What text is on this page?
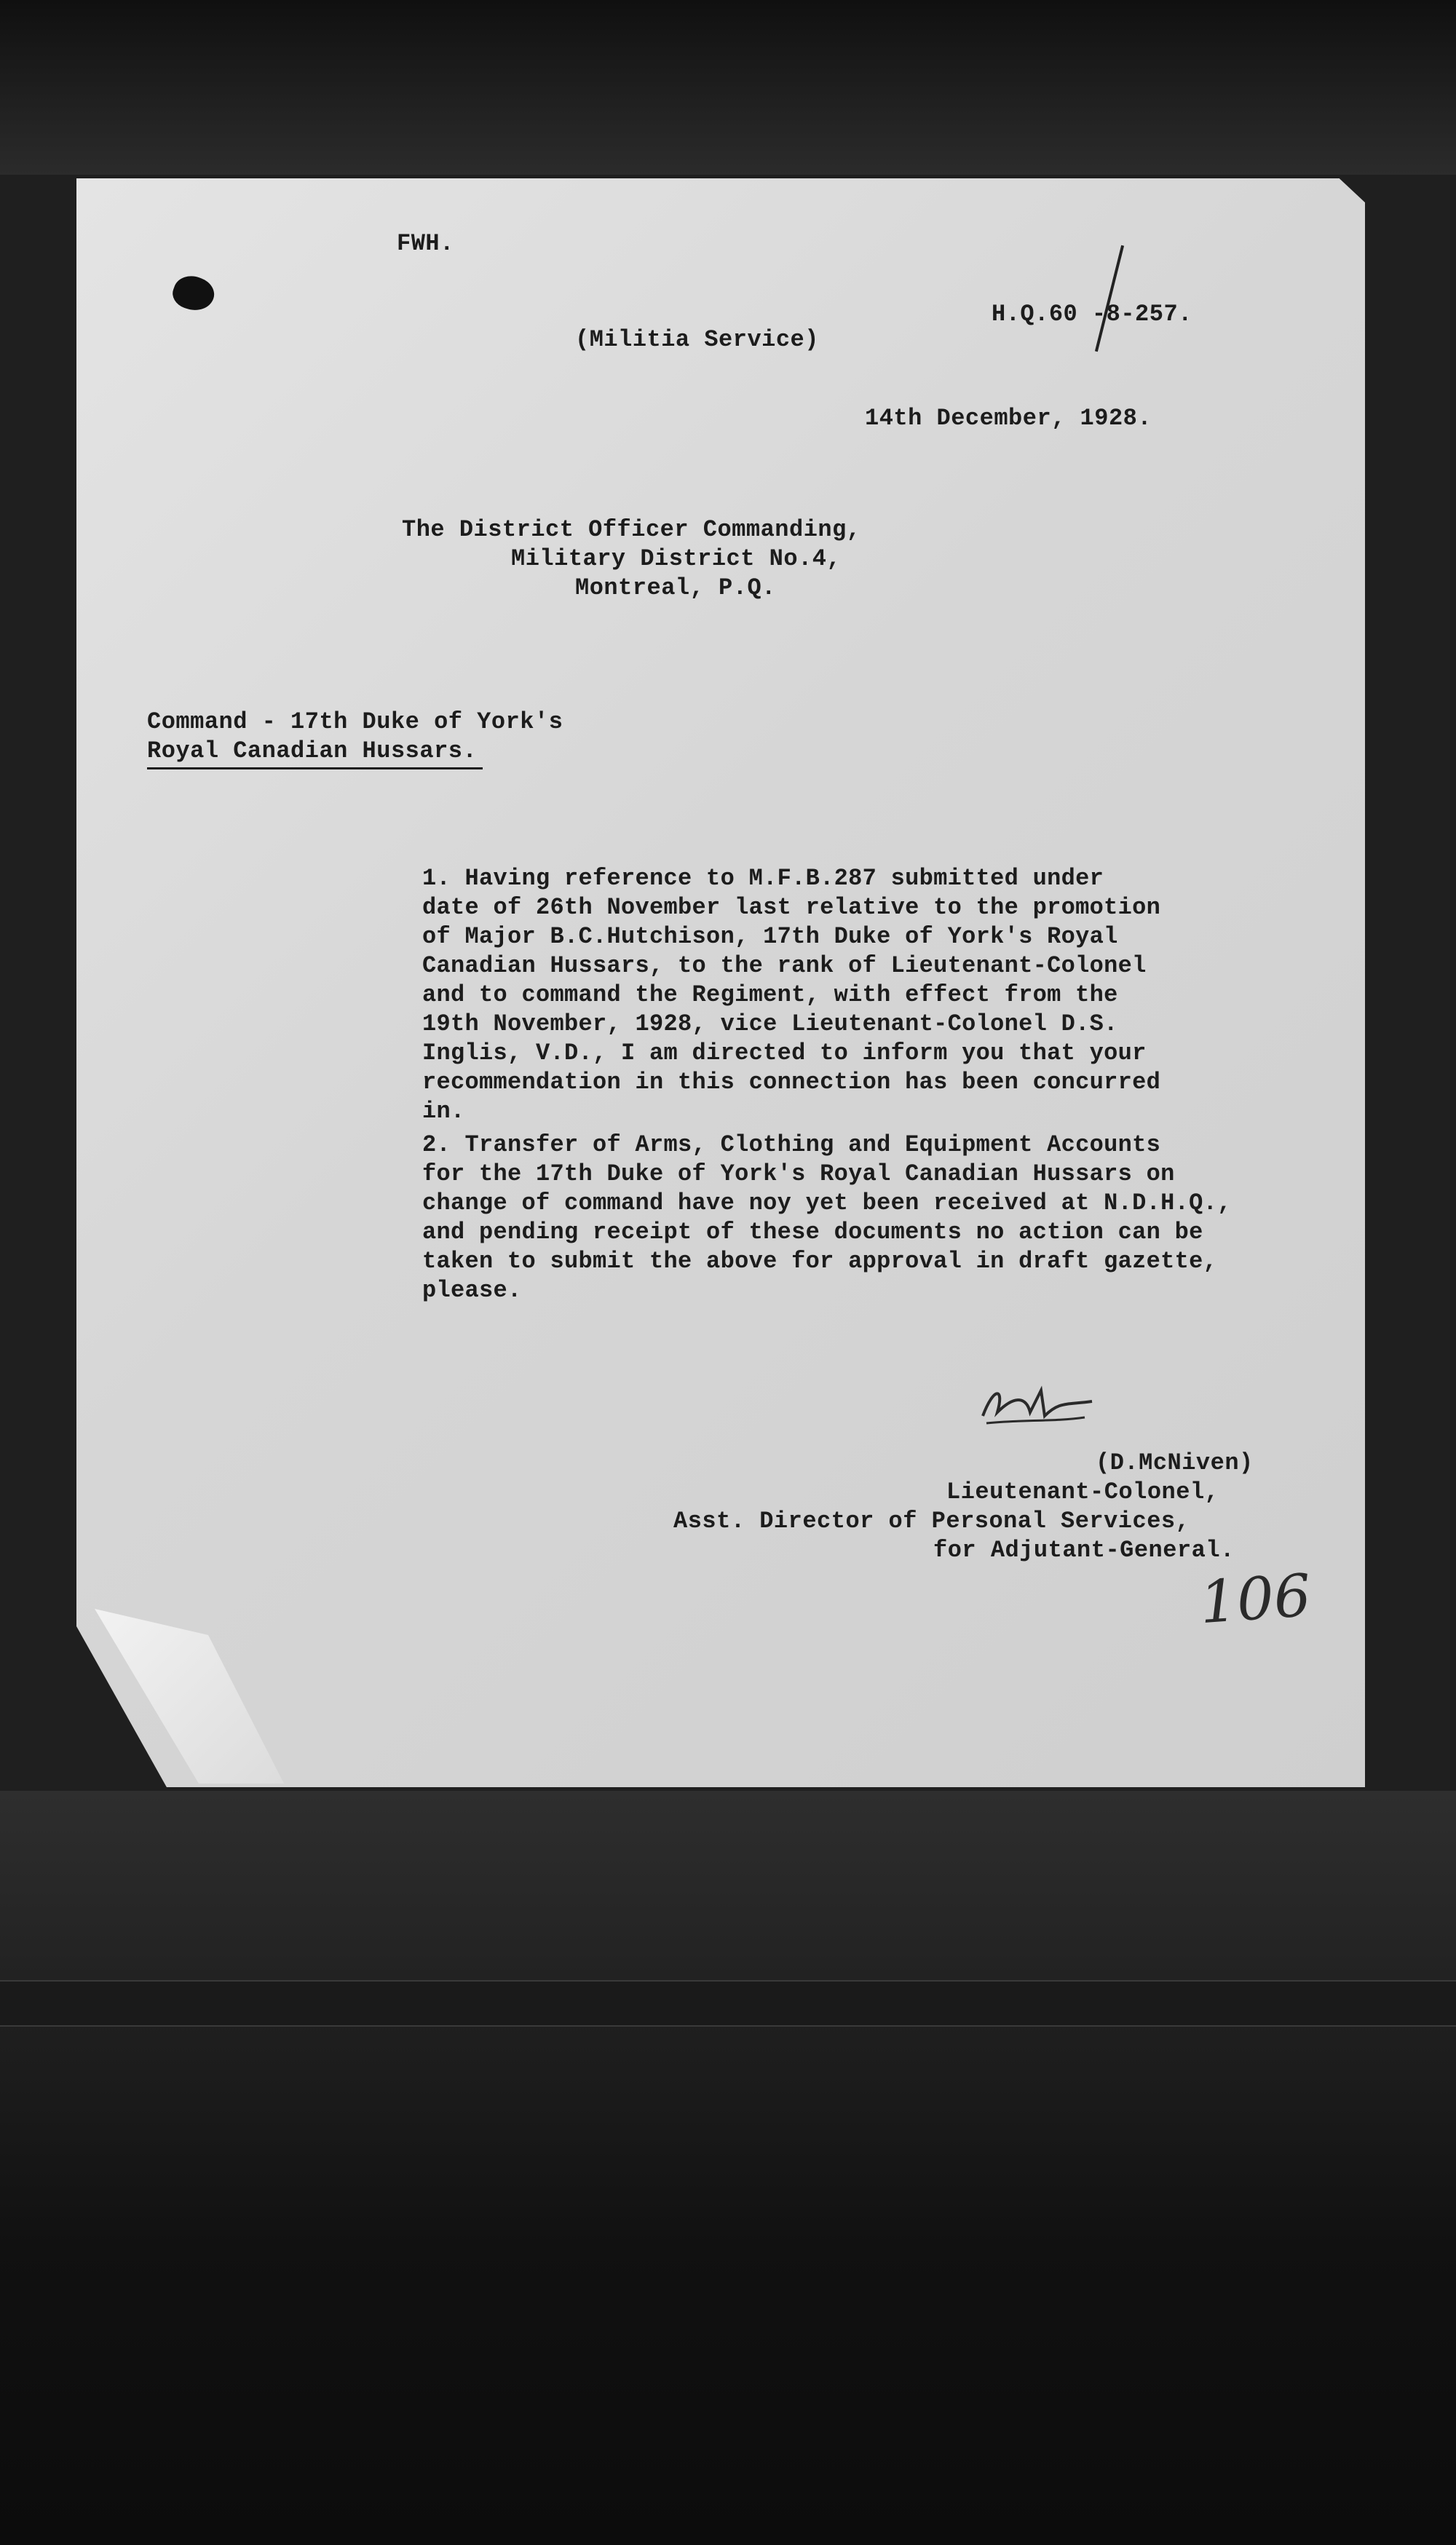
FWH.

(Militia Service)

H.Q.60 -8-257.

14th December, 1928.

The District Officer Commanding,

Military District No.4,

Montreal, P.Q.

Command - 17th Duke of York's

Royal Canadian Hussars.

1. Having reference to M.F.B.287 submitted under
date of 26th November last relative to the promotion
of Major B.C.Hutchison, 17th Duke of York's Royal
Canadian Hussars, to the rank of Lieutenant-Colonel
and to command the Regiment, with effect from the
19th November, 1928, vice Lieutenant-Colonel D.S.
Inglis, V.D., I am directed to inform you that your
recommendation in this connection has been concurred
in.

2. Transfer of Arms, Clothing and Equipment Accounts
for the 17th Duke of York's Royal Canadian Hussars on
change of command have noy yet been received at N.D.H.Q.,
and pending receipt of these documents no action can be
taken to submit the above for approval in draft gazette,
please.

(D.McNiven)

Lieutenant-Colonel,

Asst. Director of Personal Services,

for Adjutant-General.

106
